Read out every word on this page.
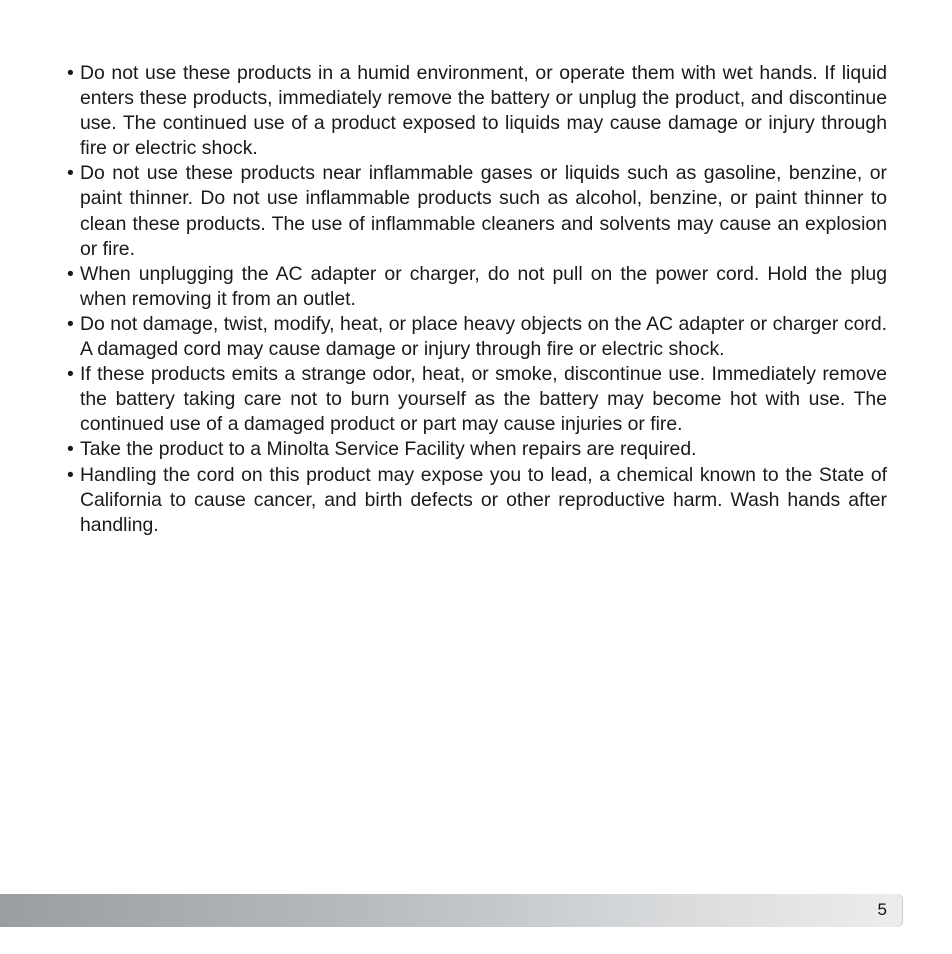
• Do not use these products in a humid environment, or operate them with wet hands. If liquid enters these products, immediately remove the battery or unplug the product, and discontinue use. The continued use of a product exposed to liquids may cause damage or injury through fire or electric shock.
• Do not use these products near inflammable gases or liquids such as gasoline, benzine, or paint thinner. Do not use inflammable products such as alcohol, benzine, or paint thinner to clean these products. The use of inflammable cleaners and solvents may cause an explosion or fire.
• When unplugging the AC adapter or charger, do not pull on the power cord. Hold the plug when removing it from an outlet.
• Do not damage, twist, modify, heat, or place heavy objects on the AC adapter or charger cord. A damaged cord may cause damage or injury through fire or electric shock.
• If these products emits a strange odor, heat, or smoke, discontinue use. Immediately remove the battery taking care not to burn yourself as the battery may become hot with use. The continued use of a damaged product or part may cause injuries or fire.
• Take the product to a Minolta Service Facility when repairs are required.
• Handling the cord on this product may expose you to lead, a chemical known to the State of California to cause cancer, and birth defects or other reproductive harm. Wash hands after handling.
5
